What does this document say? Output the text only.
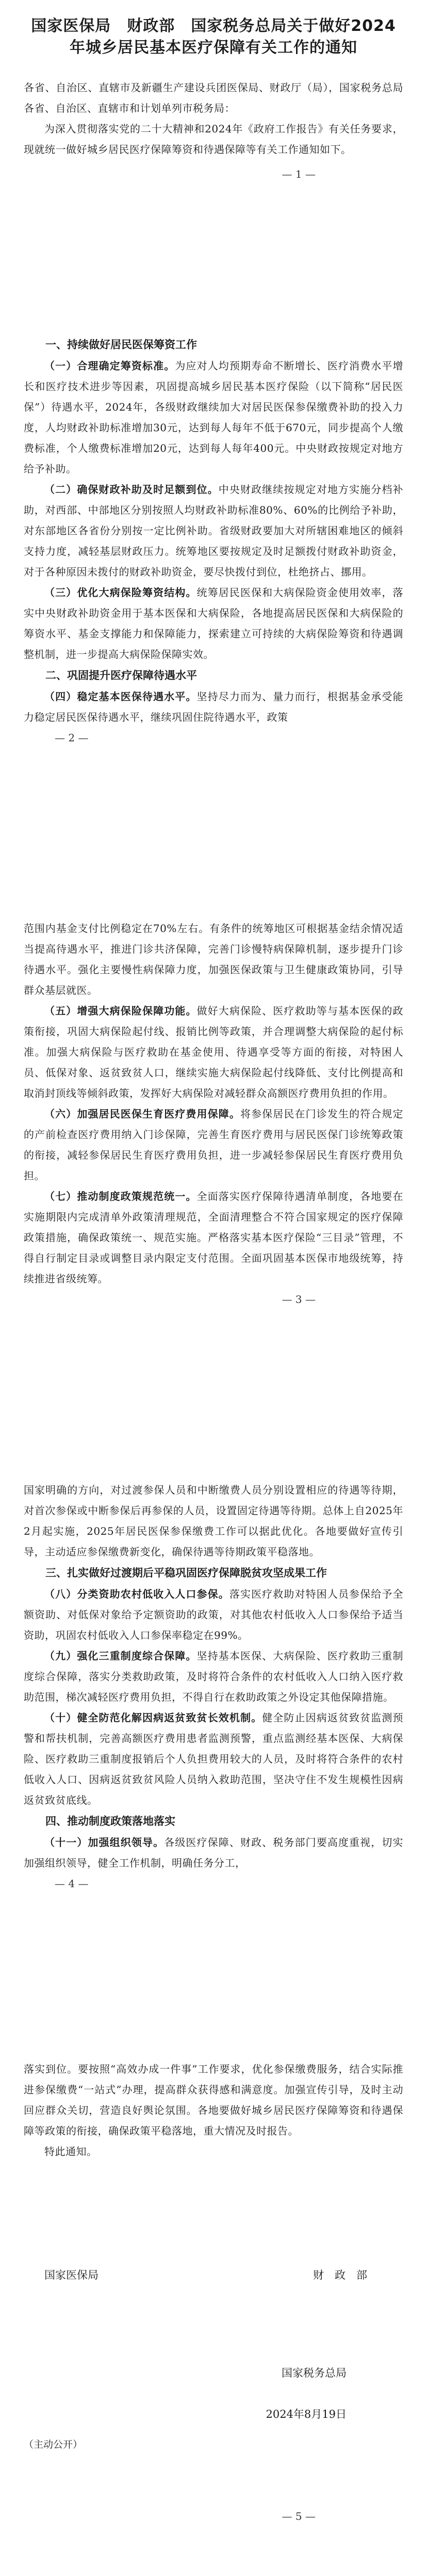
国家医保局　财政部　国家税务总局关于做好2024年城乡居民基本医疗保障有关工作的通知

各省、自治区、直辖市及新疆生产建设兵团医保局、财政厅（局），国家税务总局各省、自治区、直辖市和计划单列市税务局：

为深入贯彻落实党的二十大精神和2024年《政府工作报告》有关任务要求，现就统一做好城乡居民医疗保障筹资和待遇保障等有关工作通知如下。

— 1 —

一、持续做好居民医保筹资工作

（一）合理确定筹资标准。为应对人均预期寿命不断增长、医疗消费水平增长和医疗技术进步等因素，巩固提高城乡居民基本医疗保险（以下简称“居民医保”）待遇水平，2024年，各级财政继续加大对居民医保参保缴费补助的投入力度，人均财政补助标准增加30元，达到每人每年不低于670元，同步提高个人缴费标准，个人缴费标准增加20元，达到每人每年400元。中央财政按规定对地方给予补助。

（二）确保财政补助及时足额到位。中央财政继续按规定对地方实施分档补助，对西部、中部地区分别按照人均财政补助标准80%、60%的比例给予补助，对东部地区各省份分别按一定比例补助。省级财政要加大对所辖困难地区的倾斜支持力度，减轻基层财政压力。统筹地区要按规定及时足额拨付财政补助资金，对于各种原因未拨付的财政补助资金，要尽快拨付到位，杜绝挤占、挪用。

（三）优化大病保险筹资结构。统筹居民医保和大病保险资金使用效率，落实中央财政补助资金用于基本医保和大病保险，各地提高居民医保和大病保险的筹资水平、基金支撑能力和保障能力，探索建立可持续的大病保险筹资和待遇调整机制，进一步提高大病保险保障实效。

二、巩固提升医疗保障待遇水平

（四）稳定基本医保待遇水平。坚持尽力而为、量力而行，根据基金承受能力稳定居民医保待遇水平，继续巩固住院待遇水平，政策

— 2 —

范围内基金支付比例稳定在70%左右。有条件的统筹地区可根据基金结余情况适当提高待遇水平，推进门诊共济保障，完善门诊慢特病保障机制，逐步提升门诊待遇水平。强化主要慢性病保障力度，加强医保政策与卫生健康政策协同，引导群众基层就医。

（五）增强大病保险保障功能。做好大病保险、医疗救助等与基本医保的政策衔接，巩固大病保险起付线、报销比例等政策，并合理调整大病保险的起付标准。加强大病保险与医疗救助在基金使用、待遇享受等方面的衔接，对特困人员、低保对象、返贫致贫人口，继续实施大病保险起付线降低、支付比例提高和取消封顶线等倾斜政策，发挥好大病保险对减轻群众高额医疗费用负担的作用。

（六）加强居民医保生育医疗费用保障。将参保居民在门诊发生的符合规定的产前检查医疗费用纳入门诊保障，完善生育医疗费用与居民医保门诊统筹政策的衔接，减轻参保居民生育医疗费用负担，进一步减轻参保居民生育医疗费用负担。

（七）推动制度政策规范统一。全面落实医疗保障待遇清单制度，各地要在实施期限内完成清单外政策清理规范，全面清理整合不符合国家规定的医疗保障政策措施，确保政策统一、规范实施。严格落实基本医疗保险“三目录”管理，不得自行制定目录或调整目录内限定支付范围。全面巩固基本医保市地级统筹，持续推进省级统筹。

— 3 —

国家明确的方向，对过渡参保人员和中断缴费人员分别设置相应的待遇等待期，对首次参保或中断参保后再参保的人员，设置固定待遇等待期。总体上自2025年2月起实施，2025年居民医保参保缴费工作可以据此优化。各地要做好宣传引导，主动适应参保缴费新变化，确保待遇等待期政策平稳落地。

三、扎实做好过渡期后平稳巩固医疗保障脱贫攻坚成果工作

（八）分类资助农村低收入人口参保。落实医疗救助对特困人员参保给予全额资助、对低保对象给予定额资助的政策，对其他农村低收入人口参保给予适当资助，巩固农村低收入人口参保率稳定在99%。

（九）强化三重制度综合保障。坚持基本医保、大病保险、医疗救助三重制度综合保障，落实分类救助政策，及时将符合条件的农村低收入人口纳入医疗救助范围，梯次减轻医疗费用负担，不得自行在救助政策之外设定其他保障措施。

（十）健全防范化解因病返贫致贫长效机制。健全防止因病返贫致贫监测预警和帮扶机制，完善高额医疗费用患者监测预警，重点监测经基本医保、大病保险、医疗救助三重制度报销后个人负担费用较大的人员，及时将符合条件的农村低收入人口、因病返贫致贫风险人员纳入救助范围，坚决守住不发生规模性因病返贫致贫底线。

四、推动制度政策落地落实

（十一）加强组织领导。各级医疗保障、财政、税务部门要高度重视，切实加强组织领导，健全工作机制，明确任务分工，

— 4 —

落实到位。要按照“高效办成一件事”工作要求，优化参保缴费服务，结合实际推进参保缴费“一站式”办理，提高群众获得感和满意度。加强宣传引导，及时主动回应群众关切，营造良好舆论氛围。各地要做好城乡居民医疗保障筹资和待遇保障等政策的衔接，确保政策平稳落地，重大情况及时报告。

特此通知。

国家医保局	财　政　部
国家税务总局
2024年8月19日

（主动公开）

— 5 —
